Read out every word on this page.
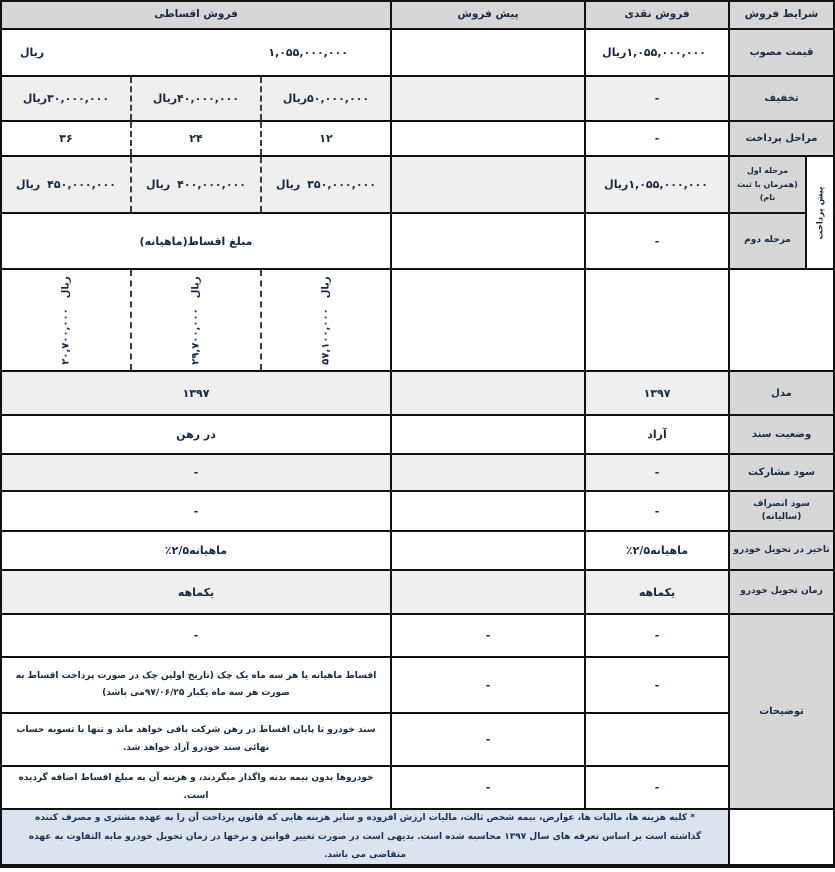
شرایط فروش
فروش نقدی
پیش فروش
فروش اقساطی
قیمت مصوب
۱,۰۵۵,۰۰۰,۰۰۰
ریال
۱,۰۵۵,۰۰۰,۰۰۰
ریال
تخفیف
-
۵۰,۰۰۰,۰۰۰
ریال
۴۰,۰۰۰,۰۰۰
ریال
۳۰,۰۰۰,۰۰۰
ریال
مراحل پرداخت
-
۱۲
۲۴
۳۶
پیش پرداخت
مرحله اول (همزمان با ثبت نام)
۱,۰۵۵,۰۰۰,۰۰۰
ریال
۳۵۰,۰۰۰,۰۰۰
ریال
۴۰۰,۰۰۰,۰۰۰
ریال
۴۵۰,۰۰۰,۰۰۰
ریال
مرحله دوم
-
مبلغ اقساط(ماهیانه)
۵۷,۱۰۰,۰۰۰
ریال
۲۹,۷۰۰,۰۰۰
ریال
۲۰,۷۰۰,۰۰۰
ریال
مدل
۱۳۹۷
۱۳۹۷
وضعیت سند
آزاد
در رهن
سود مشارکت
-
-
سود انصراف (سالیانه)
-
-
تاخیر در تحویل خودرو
٪۲/۵ماهیانه
٪۲/۵ماهیانه
زمان تحویل خودرو
یکماهه
یکماهه
توضیحات
-
-
-
-
-
اقساط ماهیانه یا هر سه ماه یک چک (تاریخ اولین چک در صورت پرداخت اقساط به صورت هر سه ماه یکبار ۹۷/۰۶/۲۵می باشد)
-
سند خودرو تا پایان اقساط در رهن شرکت باقی خواهد ماند و تنها با تسویه حساب نهائی سند خودرو آزاد خواهد شد.
-
-
خودروها بدون بیمه بدنه واگذار میگردند، و هزینه آن به مبلغ اقساط اضافه گردیده است.
* کلیه هزینه ها، مالیات ها، عوارض، بیمه شخص ثالث، مالیات ارزش افزوده و سایر هزینه هایی که قانون پرداخت آن را به عهده مشتری و مصرف کننده گذاشته است بر اساس تعرفه های سال ۱۳۹۷ محاسبه شده است. بدیهی است در صورت تغییر قوانین و نرخها در زمان تحویل خودرو مابه التفاوت به عهده متقاضی می باشد.
